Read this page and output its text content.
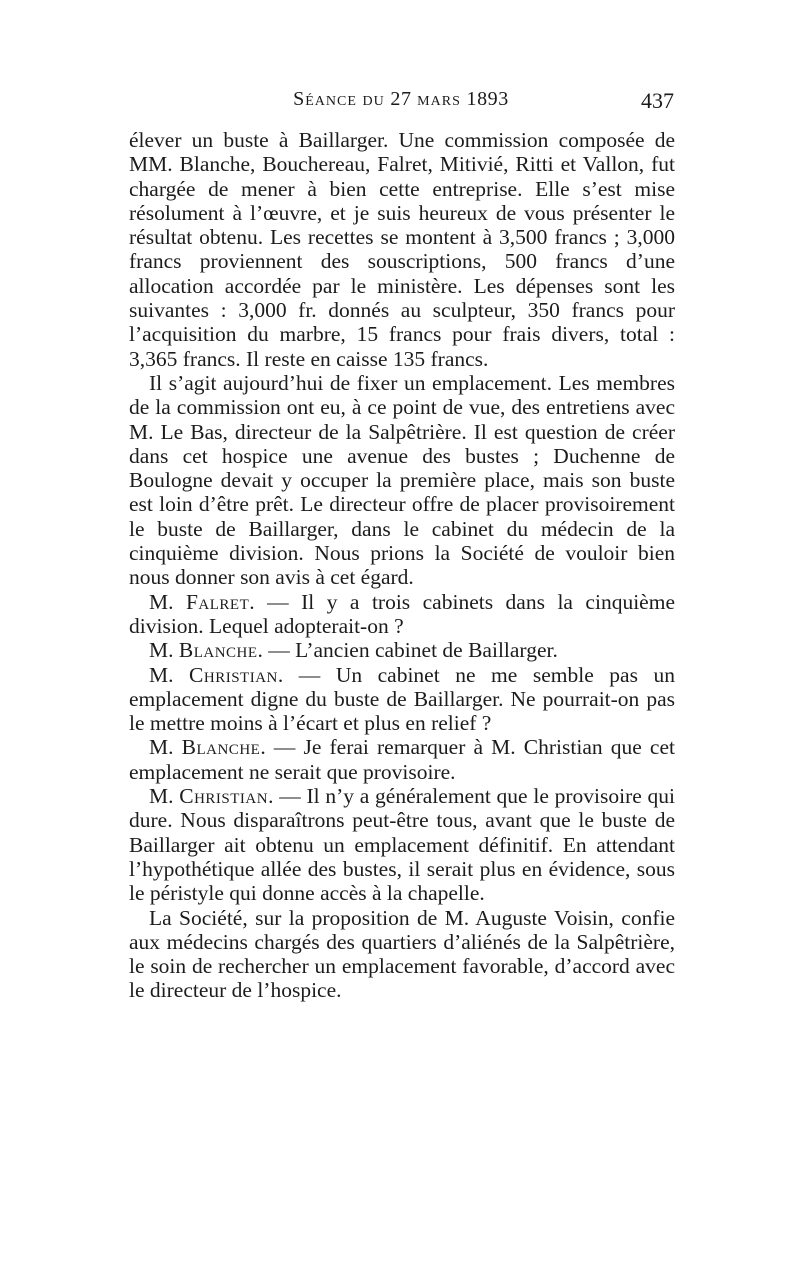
Séance du 27 mars 1893	437

élever un buste à Baillarger. Une commission composée de MM. Blanche, Bouchereau, Falret, Mitivié, Ritti et Vallon, fut chargée de mener à bien cette entreprise. Elle s’est mise résolument à l’œuvre, et je suis heureux de vous présenter le résultat obtenu. Les recettes se montent à 3,500 francs ; 3,000 francs proviennent des souscriptions, 500 francs d’une allocation accordée par le ministère. Les dépenses sont les suivantes : 3,000 fr. donnés au sculpteur, 350 francs pour l’acquisition du marbre, 15 francs pour frais divers, total : 3,365 francs. Il reste en caisse 135 francs.

Il s’agit aujourd’hui de fixer un emplacement. Les membres de la commission ont eu, à ce point de vue, des entretiens avec M. Le Bas, directeur de la Salpêtrière. Il est question de créer dans cet hospice une avenue des bustes ; Duchenne de Boulogne devait y occuper la première place, mais son buste est loin d’être prêt. Le directeur offre de placer provisoirement le buste de Baillarger, dans le cabinet du médecin de la cinquième division. Nous prions la Société de vouloir bien nous donner son avis à cet égard.

M. Falret. — Il y a trois cabinets dans la cinquième division. Lequel adopterait-on ?

M. Blanche. — L’ancien cabinet de Baillarger.

M. Christian. — Un cabinet ne me semble pas un emplacement digne du buste de Baillarger. Ne pourrait-on pas le mettre moins à l’écart et plus en relief ?

M. Blanche. — Je ferai remarquer à M. Christian que cet emplacement ne serait que provisoire.

M. Christian. — Il n’y a généralement que le provisoire qui dure. Nous disparaîtrons peut-être tous, avant que le buste de Baillarger ait obtenu un emplacement définitif. En attendant l’hypothétique allée des bustes, il serait plus en évidence, sous le péristyle qui donne accès à la chapelle.

La Société, sur la proposition de M. Auguste Voisin, confie aux médecins chargés des quartiers d’aliénés de la Salpêtrière, le soin de rechercher un emplacement favorable, d’accord avec le directeur de l’hospice.
